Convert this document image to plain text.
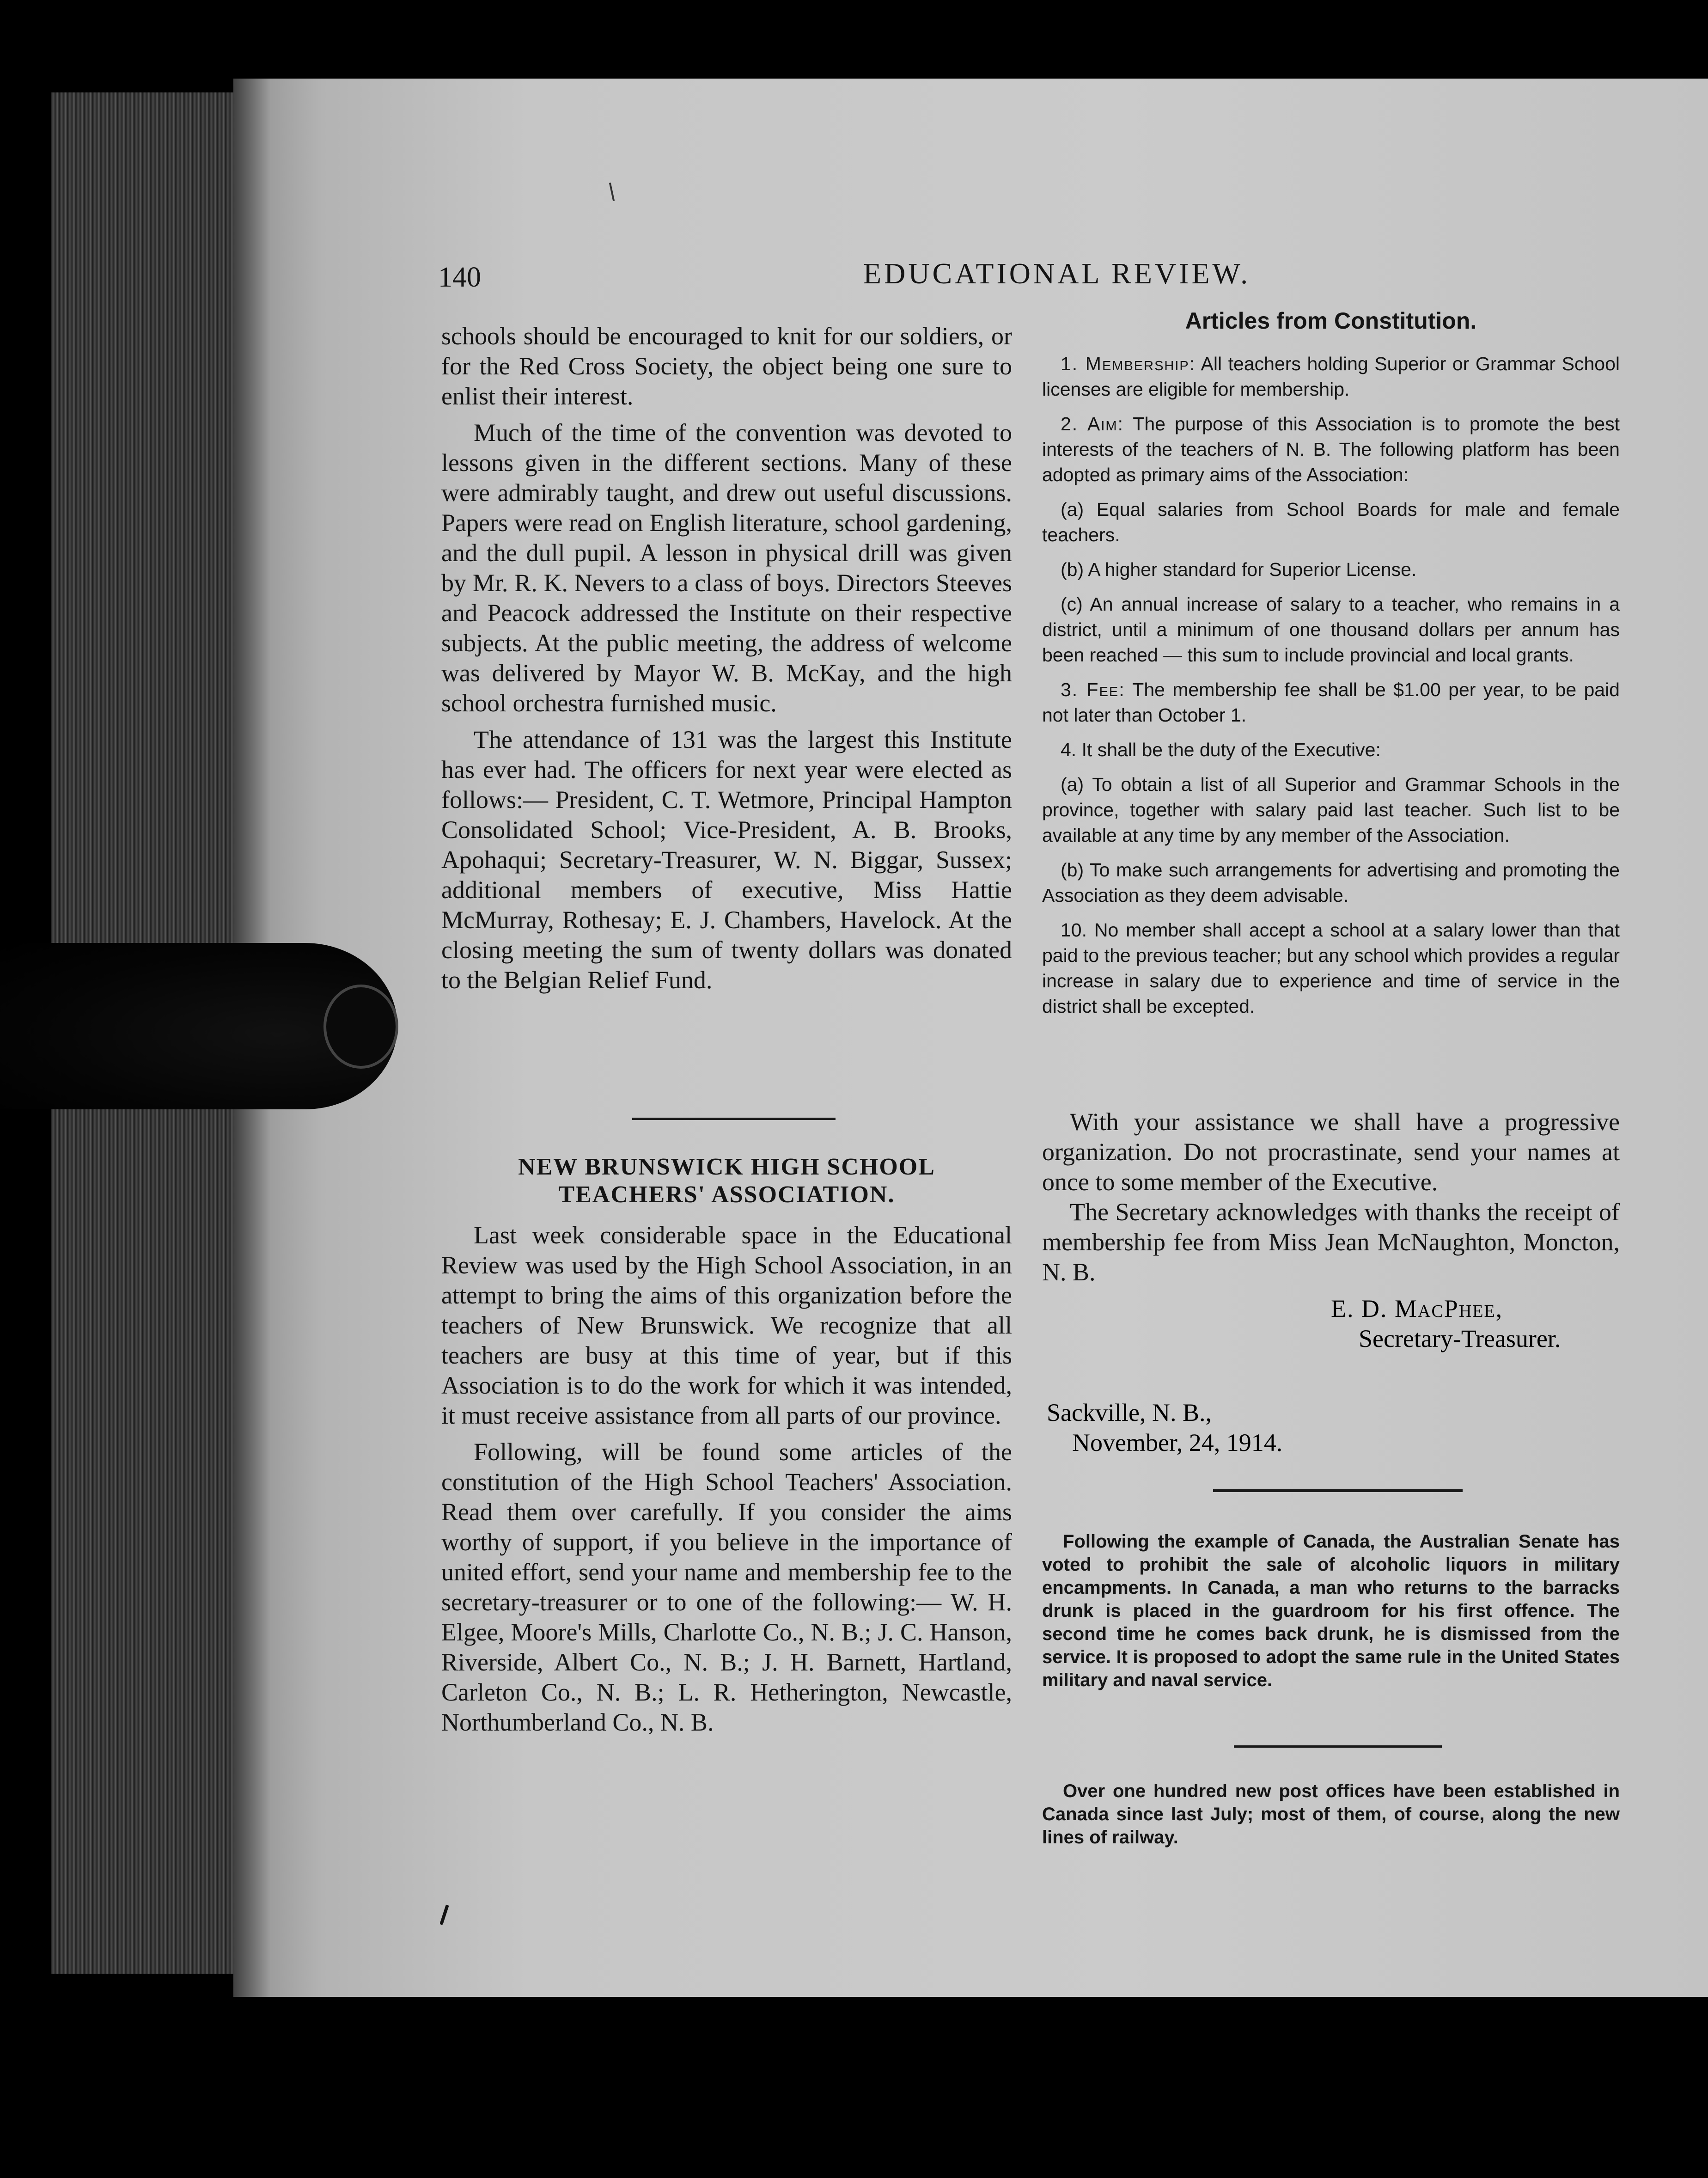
140	EDUCATIONAL REVIEW.

schools should be encouraged to knit for our soldiers, or for the Red Cross Society, the object being one sure to enlist their interest.

Much of the time of the convention was devoted to lessons given in the different sections. Many of these were admirably taught, and drew out useful discussions. Papers were read on English literature, school gardening, and the dull pupil. A lesson in physical drill was given by Mr. R. K. Nevers to a class of boys. Directors Steeves and Peacock addressed the Institute on their respective subjects. At the public meeting, the address of welcome was delivered by Mayor W. B. McKay, and the high school orchestra furnished music.

The attendance of 131 was the largest this Institute has ever had. The officers for next year were elected as follows:— President, C. T. Wetmore, Principal Hampton Consolidated School; Vice-President, A. B. Brooks, Apohaqui; Secretary-Treasurer, W. N. Biggar, Sussex; additional members of executive, Miss Hattie McMurray, Rothesay; E. J. Chambers, Havelock. At the closing meeting the sum of twenty dollars was donated to the Belgian Relief Fund.

NEW BRUNSWICK HIGH SCHOOL
TEACHERS' ASSOCIATION.

Last week considerable space in the Educational Review was used by the High School Association, in an attempt to bring the aims of this organization before the teachers of New Brunswick. We recognize that all teachers are busy at this time of year, but if this Association is to do the work for which it was intended, it must receive assistance from all parts of our province.

Following, will be found some articles of the constitution of the High School Teachers' Association. Read them over carefully. If you consider the aims worthy of support, if you believe in the importance of united effort, send your name and membership fee to the secretary-treasurer or to one of the following:— W. H. Elgee, Moore's Mills, Charlotte Co., N. B.; J. C. Hanson, Riverside, Albert Co., N. B.; J. H. Barnett, Hartland, Carleton Co., N. B.; L. R. Hetherington, Newcastle, Northumberland Co., N. B.

Articles from Constitution.

1. Membership: All teachers holding Superior or Grammar School licenses are eligible for membership.

2. Aim: The purpose of this Association is to promote the best interests of the teachers of N. B. The following platform has been adopted as primary aims of the Association:

(a) Equal salaries from School Boards for male and female teachers.

(b) A higher standard for Superior License.

(c) An annual increase of salary to a teacher, who remains in a district, until a minimum of one thousand dollars per annum has been reached — this sum to include provincial and local grants.

3. Fee: The membership fee shall be $1.00 per year, to be paid not later than October 1.

4. It shall be the duty of the Executive:

(a) To obtain a list of all Superior and Grammar Schools in the province, together with salary paid last teacher. Such list to be available at any time by any member of the Association.

(b) To make such arrangements for advertising and promoting the Association as they deem advisable.

10. No member shall accept a school at a salary lower than that paid to the previous teacher; but any school which provides a regular increase in salary due to experience and time of service in the district shall be excepted.

With your assistance we shall have a progressive organization. Do not procrastinate, send your names at once to some member of the Executive.

The Secretary acknowledges with thanks the receipt of membership fee from Miss Jean McNaughton, Moncton, N. B.

E. D. MacPhee,
Secretary-Treasurer.
Sackville, N. B.,
November, 24, 1914.

Following the example of Canada, the Australian Senate has voted to prohibit the sale of alcoholic liquors in military encampments. In Canada, a man who returns to the barracks drunk is placed in the guardroom for his first offence. The second time he comes back drunk, he is dismissed from the service. It is proposed to adopt the same rule in the United States military and naval service.

Over one hundred new post offices have been established in Canada since last July; most of them, of course, along the new lines of railway.
